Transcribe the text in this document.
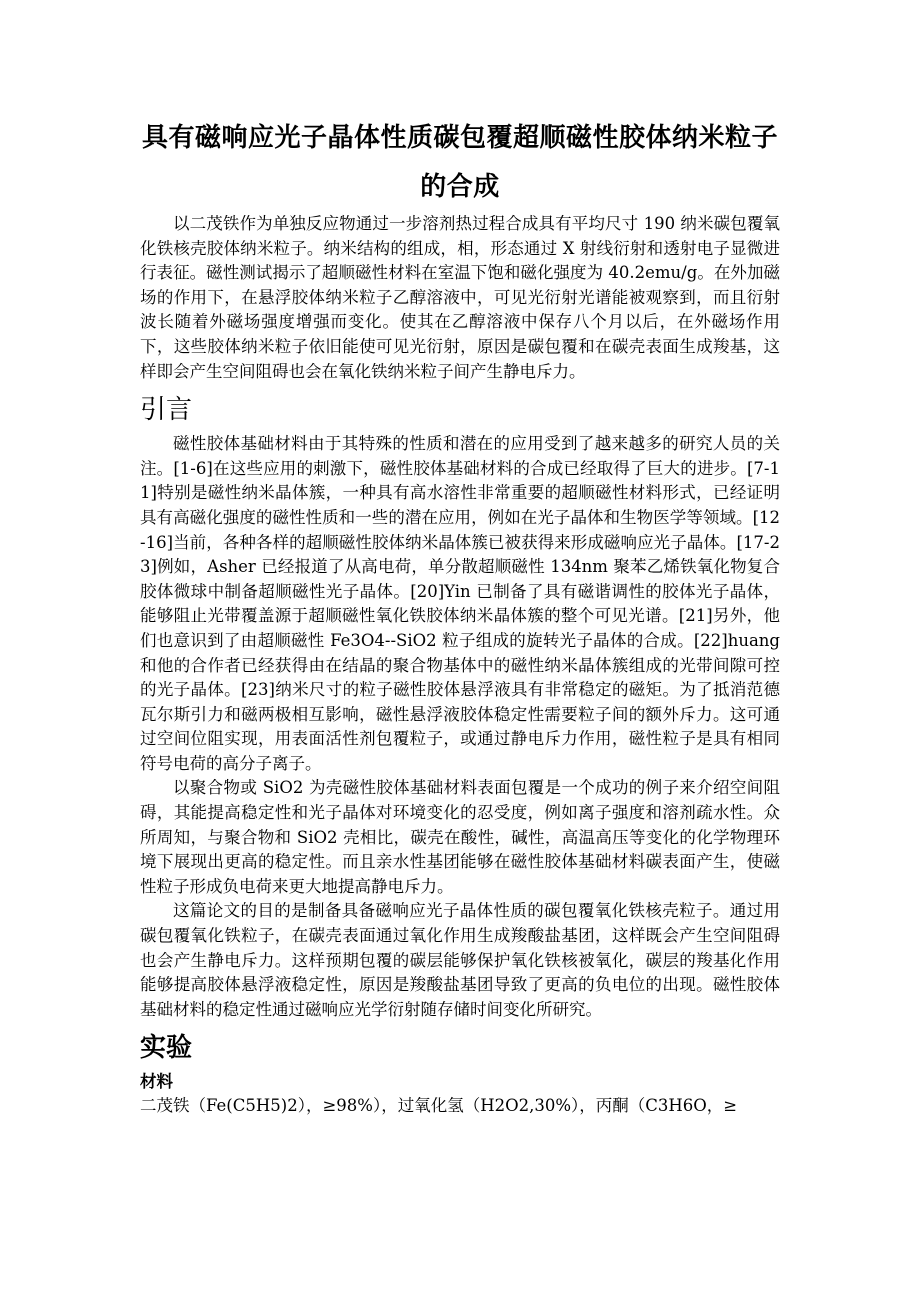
具有磁响应光子晶体性质碳包覆超顺磁性胶体纳米粒子的合成

以二茂铁作为单独反应物通过一步溶剂热过程合成具有平均尺寸 190 纳米碳包覆氧化铁核壳胶体纳米粒子。纳米结构的组成，相，形态通过 X 射线衍射和透射电子显微进行表征。磁性测试揭示了超顺磁性材料在室温下饱和磁化强度为 40.2emu/g。在外加磁场的作用下，在悬浮胶体纳米粒子乙醇溶液中，可见光衍射光谱能被观察到，而且衍射波长随着外磁场强度增强而变化。使其在乙醇溶液中保存八个月以后，在外磁场作用下，这些胶体纳米粒子依旧能使可见光衍射，原因是碳包覆和在碳壳表面生成羧基，这样即会产生空间阻碍也会在氧化铁纳米粒子间产生静电斥力。

引言

磁性胶体基础材料由于其特殊的性质和潜在的应用受到了越来越多的研究人员的关注。[1-6]在这些应用的刺激下，磁性胶体基础材料的合成已经取得了巨大的进步。[7-11]特别是磁性纳米晶体簇，一种具有高水溶性非常重要的超顺磁性材料形式，已经证明具有高磁化强度的磁性性质和一些的潜在应用，例如在光子晶体和生物医学等领域。[12-16]当前，各种各样的超顺磁性胶体纳米晶体簇已被获得来形成磁响应光子晶体。[17-23]例如，Asher 已经报道了从高电荷，单分散超顺磁性 134nm 聚苯乙烯铁氧化物复合胶体微球中制备超顺磁性光子晶体。[20]Yin 已制备了具有磁谐调性的胶体光子晶体，能够阻止光带覆盖源于超顺磁性氧化铁胶体纳米晶体簇的整个可见光谱。[21]另外，他们也意识到了由超顺磁性 Fe3O4--SiO2 粒子组成的旋转光子晶体的合成。[22]huang 和他的合作者已经获得由在结晶的聚合物基体中的磁性纳米晶体簇组成的光带间隙可控的光子晶体。[23]纳米尺寸的粒子磁性胶体悬浮液具有非常稳定的磁矩。为了抵消范德瓦尔斯引力和磁两极相互影响，磁性悬浮液胶体稳定性需要粒子间的额外斥力。这可通过空间位阻实现，用表面活性剂包覆粒子，或通过静电斥力作用，磁性粒子是具有相同符号电荷的高分子离子。

以聚合物或 SiO2 为壳磁性胶体基础材料表面包覆是一个成功的例子来介绍空间阻碍，其能提高稳定性和光子晶体对环境变化的忍受度，例如离子强度和溶剂疏水性。众所周知，与聚合物和 SiO2 壳相比，碳壳在酸性，碱性，高温高压等变化的化学物理环境下展现出更高的稳定性。而且亲水性基团能够在磁性胶体基础材料碳表面产生，使磁性粒子形成负电荷来更大地提高静电斥力。

这篇论文的目的是制备具备磁响应光子晶体性质的碳包覆氧化铁核壳粒子。通过用碳包覆氧化铁粒子，在碳壳表面通过氧化作用生成羧酸盐基团，这样既会产生空间阻碍也会产生静电斥力。这样预期包覆的碳层能够保护氧化铁核被氧化，碳层的羧基化作用能够提高胶体悬浮液稳定性，原因是羧酸盐基团导致了更高的负电位的出现。磁性胶体基础材料的稳定性通过磁响应光学衍射随存储时间变化所研究。

实验
材料

二茂铁（Fe(C5H5)2），≥98%），过氧化氢（H2O2,30%），丙酮（C3H6O，≥
